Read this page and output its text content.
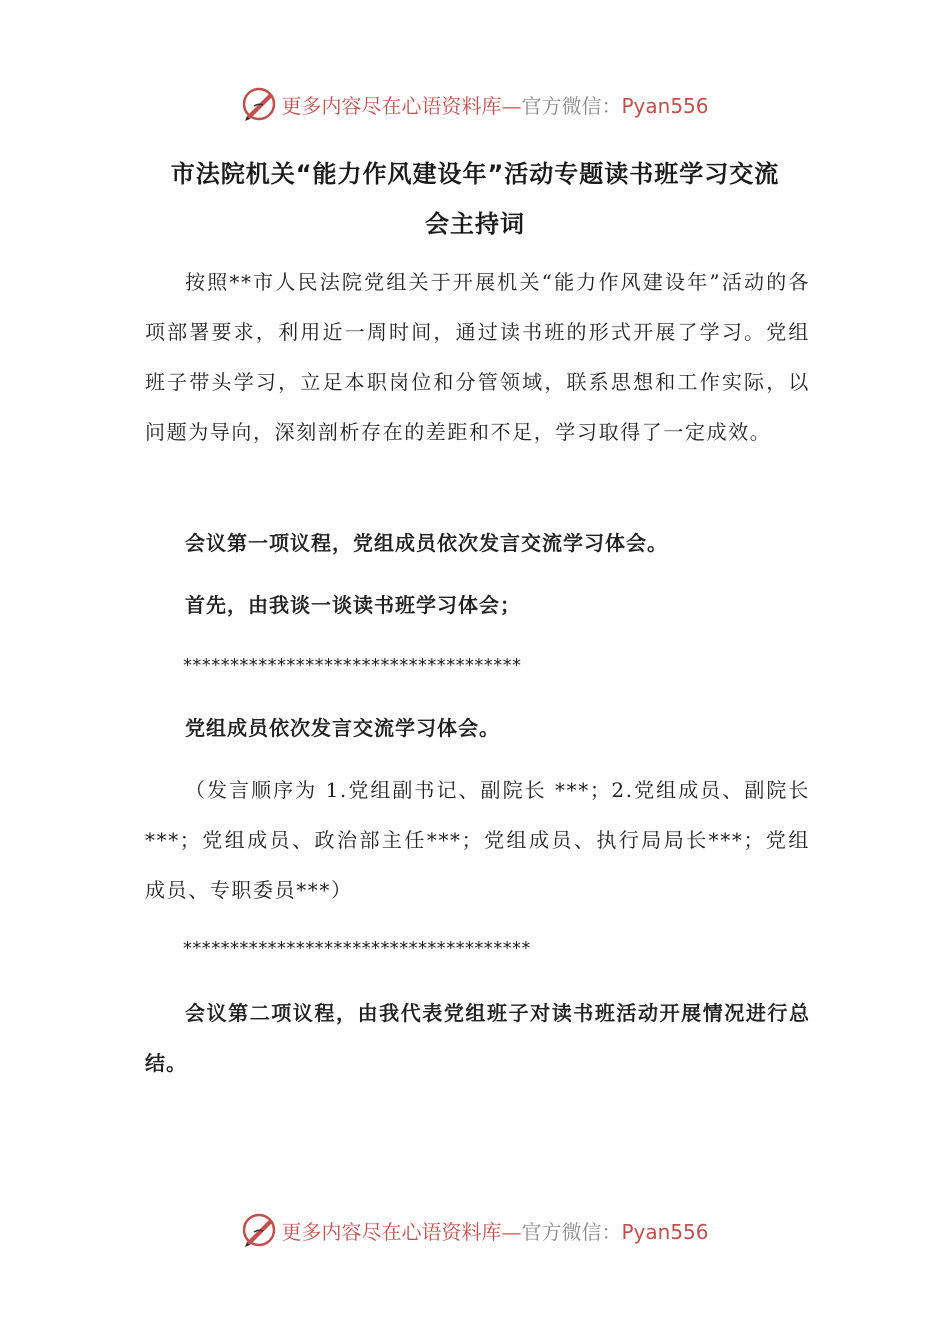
更多内容尽在心语资料库—官方微信：Pyan556
市法院机关“能力作风建设年”活动专题读书班学习交流
会主持词

按照**市人民法院党组关于开展机关“能力作风建设年”活动的各项部署要求，利用近一周时间，通过读书班的形式开展了学习。党组班子带头学习，立足本职岗位和分管领域，联系思想和工作实际，以问题为导向，深刻剖析存在的差距和不足，学习取得了一定成效。

会议第一项议程，党组成员依次发言交流学习体会。

首先，由我谈一谈读书班学习体会；

************************************

党组成员依次发言交流学习体会。

（发言顺序为 1.党组副书记、副院长 ***；2.党组成员、副院长***；党组成员、政治部主任***；党组成员、执行局局长***；党组成员、专职委员***）

*************************************

会议第二项议程，由我代表党组班子对读书班活动开展情况进行总结。

更多内容尽在心语资料库—官方微信：Pyan556
